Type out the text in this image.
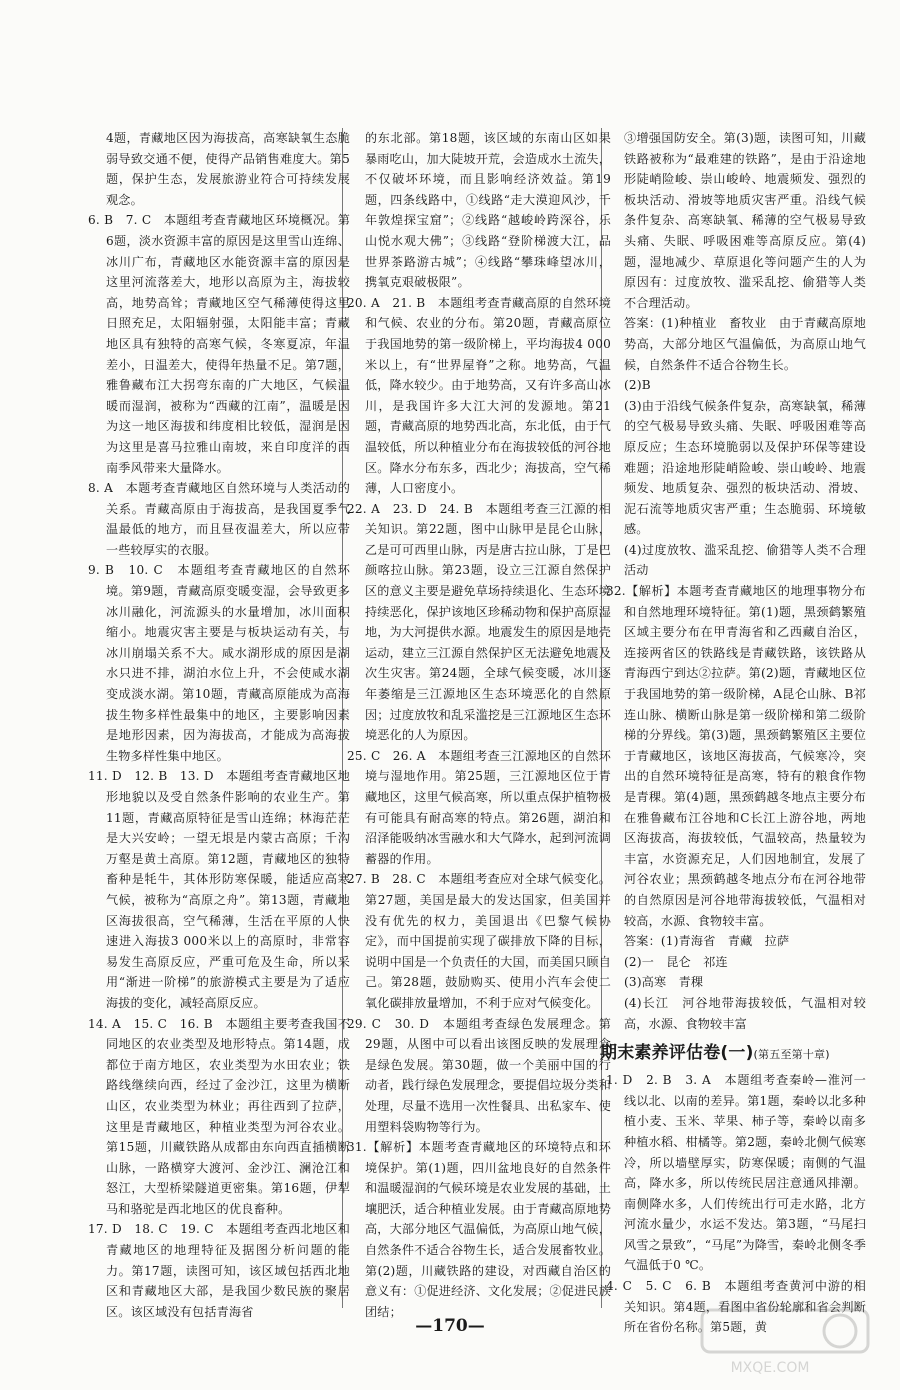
4题，青藏地区因为海拔高，高寒缺氧生态脆弱导致交通不便，使得产品销售难度大。第5题，保护生态，发展旅游业符合可持续发展观念。

6. B　7. C　本题组考查青藏地区环境概况。第6题，淡水资源丰富的原因是这里雪山连绵、冰川广布，青藏地区水能资源丰富的原因是这里河流落差大，地形以高原为主，海拔较高，地势高耸；青藏地区空气稀薄使得这里日照充足，太阳辐射强，太阳能丰富；青藏地区具有独特的高寒气候，冬寒夏凉，年温差小，日温差大，使得年热量不足。第7题，雅鲁藏布江大拐弯东南的广大地区，气候温暖而湿润，被称为“西藏的江南”，温暖是因为这一地区海拔和纬度相比较低，湿润是因为这里是喜马拉雅山南坡，来自印度洋的西南季风带来大量降水。

8. A　本题考查青藏地区自然环境与人类活动的关系。青藏高原由于海拔高，是我国夏季气温最低的地方，而且昼夜温差大，所以应带一些较厚实的衣服。

9. B　10. C　本题组考查青藏地区的自然环境。第9题，青藏高原变暖变湿，会导致更多冰川融化，河流源头的水量增加，冰川面积缩小。地震灾害主要是与板块运动有关，与冰川崩塌关系不大。咸水湖形成的原因是湖水只进不排，湖泊水位上升，不会使咸水湖变成淡水湖。第10题，青藏高原能成为高海拔生物多样性最集中的地区，主要影响因素是地形因素，因为海拔高，才能成为高海拔生物多样性集中地区。

11. D　12. B　13. D　本题组考查青藏地区地形地貌以及受自然条件影响的农业生产。第11题，青藏高原特征是雪山连绵；林海茫茫是大兴安岭；一望无垠是内蒙古高原；千沟万壑是黄土高原。第12题，青藏地区的独特畜种是牦牛，其体形防寒保暖，能适应高寒气候，被称为“高原之舟”。第13题，青藏地区海拔很高，空气稀薄，生活在平原的人快速进入海拔3 000米以上的高原时，非常容易发生高原反应，严重可危及生命，所以采用“渐进一阶梯”的旅游模式主要是为了适应海拔的变化，减轻高原反应。

14. A　15. C　16. B　本题组主要考查我国不同地区的农业类型及地形特点。第14题，成都位于南方地区，农业类型为水田农业；铁路线继续向西，经过了金沙江，这里为横断山区，农业类型为林业；再往西到了拉萨，这里是青藏地区，种植业类型为河谷农业。第15题，川藏铁路从成都由东向西直插横断山脉，一路横穿大渡河、金沙江、澜沧江和怒江，大型桥梁隧道更密集。第16题，伊犁马和骆驼是西北地区的优良畜种。

17. D　18. C　19. C　本题组考查西北地区和青藏地区的地理特征及据图分析问题的能力。第17题，读图可知，该区域包括西北地区和青藏地区大部，是我国少数民族的聚居区。该区域没有包括青海省

的东北部。第18题，该区域的东南山区如果暴雨吃山，加大陡坡开荒，会造成水土流失，不仅破坏环境，而且影响经济效益。第19题，四条线路中，①线路“走大漠迎风沙，千年敦煌探宝窟”；②线路“越峻岭跨深谷，乐山悦水观大佛”；③线路“登阶梯渡大江，品世界茶路游古城”；④线路“攀珠峰望冰川，携氧克艰破极限”。

20. A　21. B　本题组考查青藏高原的自然环境和气候、农业的分布。第20题，青藏高原位于我国地势的第一级阶梯上，平均海拔4 000米以上，有“世界屋脊”之称。地势高，气温低，降水较少。由于地势高，又有许多高山冰川，是我国许多大江大河的发源地。第21题，青藏高原的地势西北高，东北低，由于气温较低，所以种植业分布在海拔较低的河谷地区。降水分布东多，西北少；海拔高，空气稀薄，人口密度小。

22. A　23. D　24. B　本题组考查三江源的相关知识。第22题，图中山脉甲是昆仑山脉，乙是可可西里山脉，丙是唐古拉山脉，丁是巴颜喀拉山脉。第23题，设立三江源自然保护区的意义主要是避免草场持续退化、生态环境持续恶化，保护该地区珍稀动物和保护高原湿地，为大河提供水源。地震发生的原因是地壳运动，建立三江源自然保护区无法避免地震及次生灾害。第24题，全球气候变暖，冰川逐年萎缩是三江源地区生态环境恶化的自然原因；过度放牧和乱采滥挖是三江源地区生态环境恶化的人为原因。

25. C　26. A　本题组考查三江源地区的自然环境与湿地作用。第25题，三江源地区位于青藏地区，这里气候高寒，所以重点保护植物极有可能具有耐高寒的特点。第26题，湖泊和沼泽能吸纳冰雪融水和大气降水，起到河流调蓄器的作用。

27. B　28. C　本题组考查应对全球气候变化。第27题，美国是最大的发达国家，但美国并没有优先的权力，美国退出《巴黎气候协定》，而中国提前实现了碳排放下降的目标，说明中国是一个负责任的大国，而美国只顾自己。第28题，鼓励购买、使用小汽车会使二氧化碳排放量增加，不利于应对气候变化。

29. C　30. D　本题组考查绿色发展理念。第29题，从图中可以看出该图反映的发展理念是绿色发展。第30题，做一个美丽中国的行动者，践行绿色发展理念，要提倡垃圾分类和处理，尽量不选用一次性餐具、出私家车、使用塑料袋购物等行为。

31.【解析】本题考查青藏地区的环境特点和环境保护。第(1)题，四川盆地良好的自然条件和温暖湿润的气候环境是农业发展的基础，土壤肥沃，适合种植业发展。由于青藏高原地势高，大部分地区气温偏低，为高原山地气候，自然条件不适合谷物生长，适合发展畜牧业。第(2)题，川藏铁路的建设，对西藏自治区的意义有：①促进经济、文化发展；②促进民族团结；

③增强国防安全。第(3)题，读图可知，川藏铁路被称为“最难建的铁路”，是由于沿途地形陡峭险峻、崇山峻岭、地震频发、强烈的板块活动、滑坡等地质灾害严重。沿线气候条件复杂、高寒缺氧、稀薄的空气极易导致头痛、失眠、呼吸困难等高原反应。第(4)题，湿地减少、草原退化等问题产生的人为原因有：过度放牧、滥采乱挖、偷猎等人类不合理活动。

答案：(1)种植业　畜牧业　由于青藏高原地势高，大部分地区气温偏低，为高原山地气候，自然条件不适合谷物生长。

(2)B

(3)由于沿线气候条件复杂，高寒缺氧，稀薄的空气极易导致头痛、失眠、呼吸困难等高原反应；生态环境脆弱以及保护环保等建设难题；沿途地形陡峭险峻、崇山峻岭、地震频发、地质复杂、强烈的板块活动、滑坡、泥石流等地质灾害严重；生态脆弱、环境敏感。

(4)过度放牧、滥采乱挖、偷猎等人类不合理活动

32.【解析】本题考查青藏地区的地理事物分布和自然地理环境特征。第(1)题，黑颈鹤繁殖区域主要分布在甲青海省和乙西藏自治区，连接两省区的铁路线是青藏铁路，该铁路从青海西宁到达②拉萨。第(2)题，青藏地区位于我国地势的第一级阶梯，A昆仑山脉、B祁连山脉、横断山脉是第一级阶梯和第二级阶梯的分界线。第(3)题，黑颈鹤繁殖区主要位于青藏地区，该地区海拔高，气候寒冷，突出的自然环境特征是高寒，特有的粮食作物是青稞。第(4)题，黑颈鹤越冬地点主要分布在雅鲁藏布江谷地和C长江上游谷地，两地区海拔高，海拔较低，气温较高，热量较为丰富，水资源充足，人们因地制宜，发展了河谷农业；黑颈鹤越冬地点分布在河谷地带的自然原因是河谷地带海拔较低，气温相对较高，水源、食物较丰富。

答案：(1)青海省　青藏　拉萨

(2)一　昆仑　祁连

(3)高寒　青稞

(4)长江　河谷地带海拔较低，气温相对较高，水源、食物较丰富

期末素养评估卷(一)(第五至第十章)

1. D　2. B　3. A　本题组考查秦岭—淮河一线以北、以南的差异。第1题，秦岭以北多种植小麦、玉米、苹果、柿子等，秦岭以南多种植水稻、柑橘等。第2题，秦岭北侧气候寒冷，所以墙壁厚实，防寒保暖；南侧的气温高，降水多，所以传统民居注意通风排潮。南侧降水多，人们传统出行可走水路，北方河流水量少，水运不发达。第3题，“马尾扫风雪之景致”，“马尾”为降雪，秦岭北侧冬季气温低于0 ℃。

4. C　5. C　6. B　本题组考查黄河中游的相关知识。第4题，看图中省份轮廓和省会判断所在省份名称。第5题，黄

—170—
MXQE.COM
